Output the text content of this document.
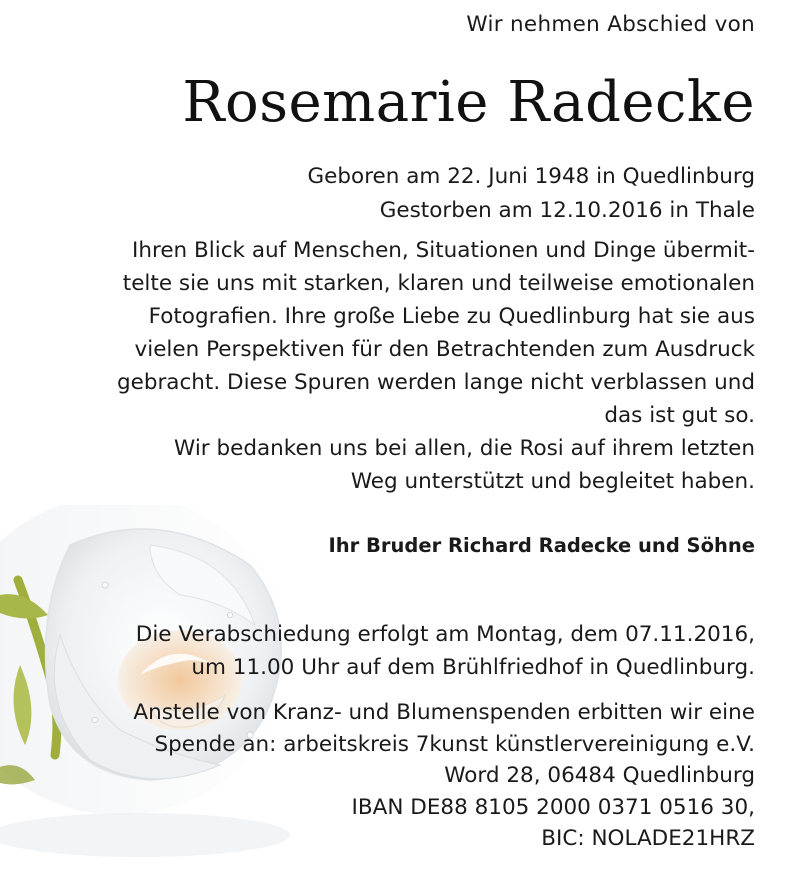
Wir nehmen Abschied von
Rosemarie Radecke
Geboren am 22. Juni 1948 in Quedlinburg
Gestorben am 12.10.2016 in Thale
Ihren Blick auf Menschen, Situationen und Dinge übermit-
telte sie uns mit starken, klaren und teilweise emotionalen
Fotografien. Ihre große Liebe zu Quedlinburg hat sie aus
vielen Perspektiven für den Betrachtenden zum Ausdruck
gebracht. Diese Spuren werden lange nicht verblassen und
das ist gut so.
Wir bedanken uns bei allen, die Rosi auf ihrem letzten
Weg unterstützt und begleitet haben.
Ihr Bruder Richard Radecke und Söhne
Die Verabschiedung erfolgt am Montag, dem 07.11.2016,
um 11.00 Uhr auf dem Brühlfriedhof in Quedlinburg.
Anstelle von Kranz- und Blumenspenden erbitten wir eine
Spende an: arbeitskreis 7kunst künstlervereinigung e.V.
Word 28, 06484 Quedlinburg
IBAN DE88 8105 2000 0371 0516 30,
BIC: NOLADE21HRZ
